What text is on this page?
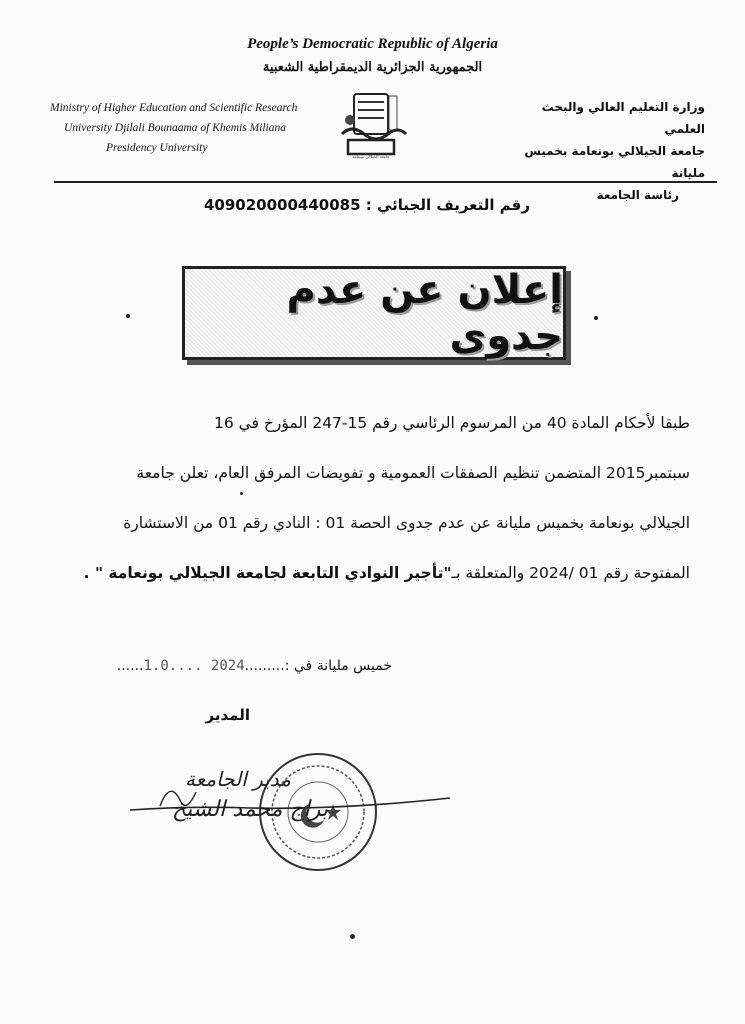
People’s Democratic Republic of Algeria
الجمهورية الجزائرية الديمقراطية الشعبية
Ministry of Higher Education and Scientific Research
University Djilali Bounaama of Khemis Miliana
Presidency University
جامعة الجيلالي بونعامة
وزارة التعليم العالي والبحث العلمي
جامعة الجيلالي بونعامة بخميس مليانة
رئاسة الجامعة
رقم التعريف الجبائي : 409020000440085
إعلان عن عدم جدوى
طبقا لأحكام المادة 40 من المرسوم الرئاسي رقم 15-247 المؤرخ في 16
سبتمبر2015 المتضمن تنظيم الصفقات العمومية و تفويضات المرفق العام، تعلن جامعة
الجيلالي بونعامة بخميس مليانة عن عدم جدوى الحصة 01 : النادي رقم 01 من الاستشارة
المفتوحة رقم 01 /2024 والمتعلقة بـ"تأجير النوادي التابعة لجامعة الجيلالي بونعامة " .
خميس مليانة في :.........2024 ....1.0......
المدير
مدير الجامعة
براج محمد الشيخ
